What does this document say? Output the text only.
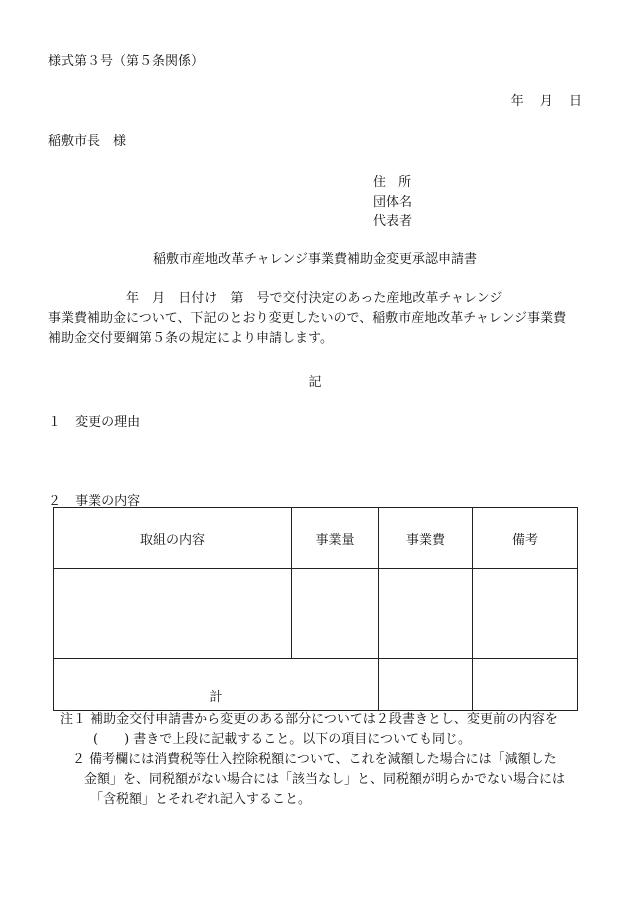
様式第３号（第５条関係）
年 月 日
稲敷市長　様
住 所
団体名
代表者
稲敷市産地改革チャレンジ事業費補助金変更承認申請書
年 月 日付け 第 号で交付決定のあった産地改革チャレンジ
事業費補助金について、下記のとおり変更したいので、稲敷市産地改革チャレンジ事業費
補助金交付要綱第５条の規定により申請します。
記
１ 変更の理由
２ 事業の内容
取組の内容	事業量	事業費	備考

計			
注１ 補助金交付申請書から変更のある部分については２段書きとし、変更前の内容を
(　　) 書きで上段に記載すること。以下の項目についても同じ。
２ 備考欄には消費税等仕入控除税額について、これを減額した場合には「減額した
金額」を、同税額がない場合には「該当なし」と、同税額が明らかでない場合には
「含税額」とそれぞれ記入すること。
